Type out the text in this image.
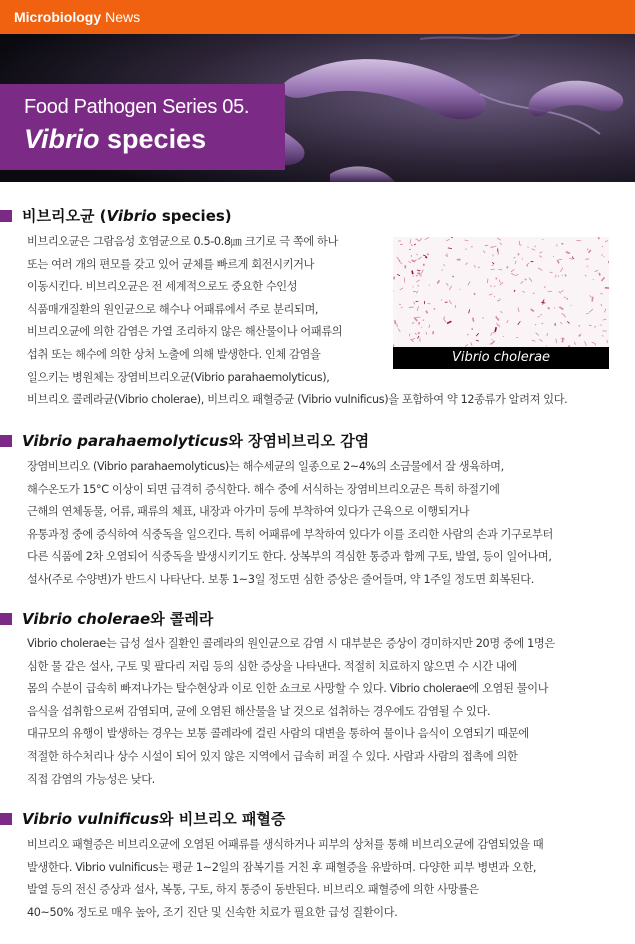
Microbiology News
Food Pathogen Series 05.
Vibrio species
비브리오균 (Vibrio species)
비브리오균은 그람음성 호염균으로 0.5-0.8㎛ 크기로 극 쪽에 하나
또는 여러 개의 편모를 갖고 있어 균체를 빠르게 회전시키거나
이동시킨다. 비브리오균은 전 세계적으로도 중요한 수인성
식품매개질환의 원인균으로 해수나 어패류에서 주로 분리되며,
비브리오균에 의한 감염은 가열 조리하지 않은 해산물이나 어패류의
섭취 또는 해수에 의한 상처 노출에 의해 발생한다. 인체 감염을
일으키는 병원체는 장염비브리오균(Vibrio parahaemolyticus),
비브리오 콜레라균(Vibrio cholerae), 비브리오 패혈증균 (Vibrio vulnificus)을 포함하여 약 12종류가 알려져 있다.
Vibrio cholerae
Vibrio parahaemolyticus와 장염비브리오 감염
장염비브리오 (Vibrio parahaemolyticus)는 해수세균의 일종으로 2~4%의 소금물에서 잘 생육하며,
해수온도가 15°C 이상이 되면 급격히 증식한다. 해수 중에 서식하는 장염비브리오균은 특히 하절기에
근해의 연체동물, 어류, 패류의 체표, 내장과 아가미 등에 부착하여 있다가 근육으로 이행되거나
유통과정 중에 증식하여 식중독을 일으킨다. 특히 어패류에 부착하여 있다가 이를 조리한 사람의 손과 기구로부터
다른 식품에 2차 오염되어 식중독을 발생시키기도 한다. 상복부의 격심한 통증과 함께 구토, 발열, 등이 일어나며,
설사(주로 수양변)가 반드시 나타난다. 보통 1~3일 정도면 심한 증상은 줄어들며, 약 1주일 정도면 회복된다.
Vibrio cholerae와 콜레라
Vibrio cholerae는 급성 설사 질환인 콜레라의 원인균으로 감염 시 대부분은 증상이 경미하지만 20명 중에 1명은
심한 물 같은 설사, 구토 및 팔다리 저림 등의 심한 증상을 나타낸다. 적절히 치료하지 않으면 수 시간 내에
몸의 수분이 급속히 빠져나가는 탈수현상과 이로 인한 쇼크로 사망할 수 있다. Vibrio cholerae에 오염된 물이나
음식을 섭취함으로써 감염되며, 균에 오염된 해산물을 날 것으로 섭취하는 경우에도 감염될 수 있다.
대규모의 유행이 발생하는 경우는 보통 콜레라에 걸린 사람의 대변을 통하여 물이나 음식이 오염되기 때문에
적절한 하수처리나 상수 시설이 되어 있지 않은 지역에서 급속히 퍼질 수 있다. 사람과 사람의 접촉에 의한
직접 감염의 가능성은 낮다.
Vibrio vulnificus와 비브리오 패혈증
비브리오 패혈증은 비브리오균에 오염된 어패류를 생식하거나 피부의 상처를 통해 비브리오균에 감염되었을 때
발생한다. Vibrio vulnificus는 평균 1~2일의 잠복기를 거친 후 패혈증을 유발하며. 다양한 피부 병변과 오한,
발열 등의 전신 증상과 설사, 복통, 구토, 하지 통증이 동반된다. 비브리오 패혈증에 의한 사망률은
40~50% 정도로 매우 높아, 조기 진단 및 신속한 치료가 필요한 급성 질환이다.
